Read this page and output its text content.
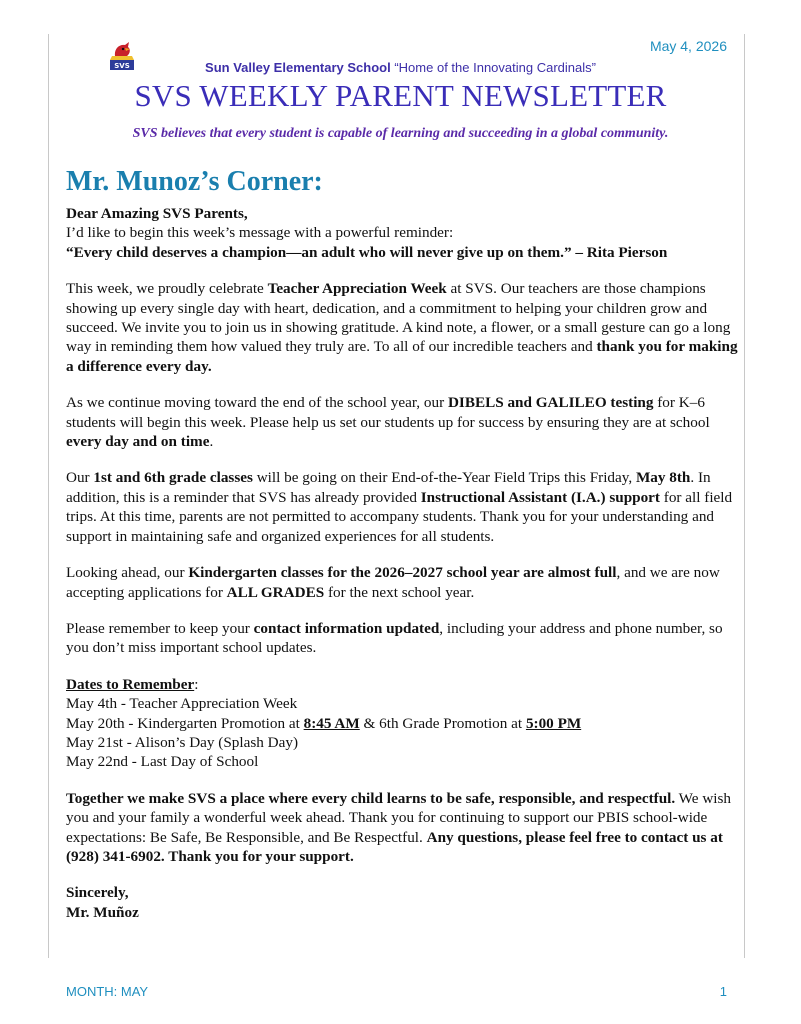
May 4, 2026
SVS	Sun Valley Elementary School “Home of the Innovating Cardinals”
SVS WEEKLY PARENT NEWSLETTER
SVS believes that every student is capable of learning and succeeding in a global community.
Mr. Munoz’s Corner:

Dear Amazing SVS Parents,
I’d like to begin this week’s message with a powerful reminder:
“Every child deserves a champion—an adult who will never give up on them.” – Rita Pierson

This week, we proudly celebrate Teacher Appreciation Week at SVS. Our teachers are those champions showing up every single day with heart, dedication, and a commitment to helping your children grow and succeed. We invite you to join us in showing gratitude. A kind note, a flower, or a small gesture can go a long way in reminding them how valued they truly are. To all of our incredible teachers and thank you for making a difference every day.

As we continue moving toward the end of the school year, our DIBELS and GALILEO testing for K–6 students will begin this week. Please help us set our students up for success by ensuring they are at school every day and on time.

Our 1st and 6th grade classes will be going on their End-of-the-Year Field Trips this Friday, May 8th. In addition, this is a reminder that SVS has already provided Instructional Assistant (I.A.) support for all field trips. At this time, parents are not permitted to accompany students. Thank you for your understanding and support in maintaining safe and organized experiences for all students.

Looking ahead, our Kindergarten classes for the 2026–2027 school year are almost full, and we are now accepting applications for ALL GRADES for the next school year.

Please remember to keep your contact information updated, including your address and phone number, so you don’t miss important school updates.

Dates to Remember:
May 4th - Teacher Appreciation Week
May 20th - Kindergarten Promotion at 8:45 AM & 6th Grade Promotion at 5:00 PM
May 21st - Alison’s Day (Splash Day)
May 22nd - Last Day of School

Together we make SVS a place where every child learns to be safe, responsible, and respectful. We wish you and your family a wonderful week ahead. Thank you for continuing to support our PBIS school-wide expectations: Be Safe, Be Responsible, and Be Respectful. Any questions, please feel free to contact us at (928) 341-6902. Thank you for your support.

Sincerely,
Mr. Muñoz

MONTH: MAY	1
